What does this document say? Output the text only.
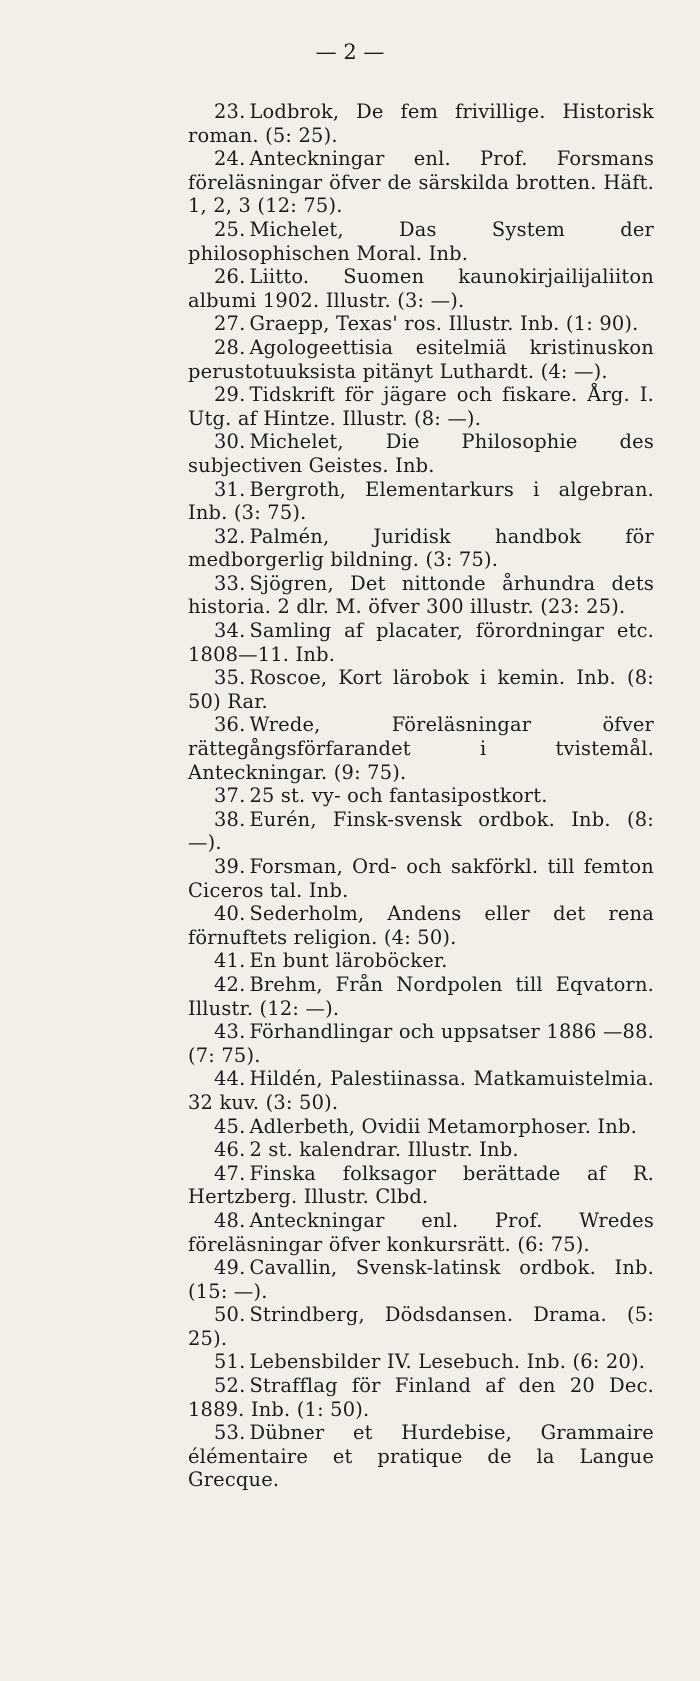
— 2 —

23. Lodbrok, De fem frivillige. Historisk roman. (5: 25).

24. Anteckningar enl. Prof. Forsmans föreläsningar öfver de särskilda brotten. Häft. 1, 2, 3 (12: 75).

25. Michelet, Das System der philosophischen Moral. Inb.

26. Liitto. Suomen kaunokirjailijaliiton albumi 1902. Illustr. (3: —).

27. Graepp, Texas' ros. Illustr. Inb. (1: 90).

28. Agologeettisia esitelmiä kristinuskon perustotuuksista pitänyt Luthardt. (4: —).

29. Tidskrift för jägare och fiskare. Årg. I. Utg. af Hintze. Illustr. (8: —).

30. Michelet, Die Philosophie des subjectiven Geistes. Inb.

31. Bergroth, Elementarkurs i algebran. Inb. (3: 75).

32. Palmén, Juridisk handbok för medborgerlig bildning. (3: 75).

33. Sjögren, Det nittonde århundra dets historia. 2 dlr. M. öfver 300 illustr. (23: 25).

34. Samling af placater, förordningar etc. 1808—11. Inb.

35. Roscoe, Kort lärobok i kemin. Inb. (8: 50) Rar.

36. Wrede, Föreläsningar öfver rättegångsförfarandet i tvistemål. Anteckningar. (9: 75).

37. 25 st. vy- och fantasipostkort.

38. Eurén, Finsk-svensk ordbok. Inb. (8: —).

39. Forsman, Ord- och sakförkl. till femton Ciceros tal. Inb.

40. Sederholm, Andens eller det rena förnuftets religion. (4: 50).

41. En bunt läroböcker.

42. Brehm, Från Nordpolen till Eqvatorn. Illustr. (12: —).

43. Förhandlingar och uppsatser 1886 —88. (7: 75).

44. Hildén, Palestiinassa. Matkamuistelmia. 32 kuv. (3: 50).

45. Adlerbeth, Ovidii Metamorphoser. Inb.

46. 2 st. kalendrar. Illustr. Inb.

47. Finska folksagor berättade af R. Hertzberg. Illustr. Clbd.

48. Anteckningar enl. Prof. Wredes föreläsningar öfver konkursrätt. (6: 75).

49. Cavallin, Svensk-latinsk ordbok. Inb. (15: —).

50. Strindberg, Dödsdansen. Drama. (5: 25).

51. Lebensbilder IV. Lesebuch. Inb. (6: 20).

52. Strafflag för Finland af den 20 Dec. 1889. Inb. (1: 50).

53. Dübner et Hurdebise, Grammaire élémentaire et pratique de la Langue Grecque.
